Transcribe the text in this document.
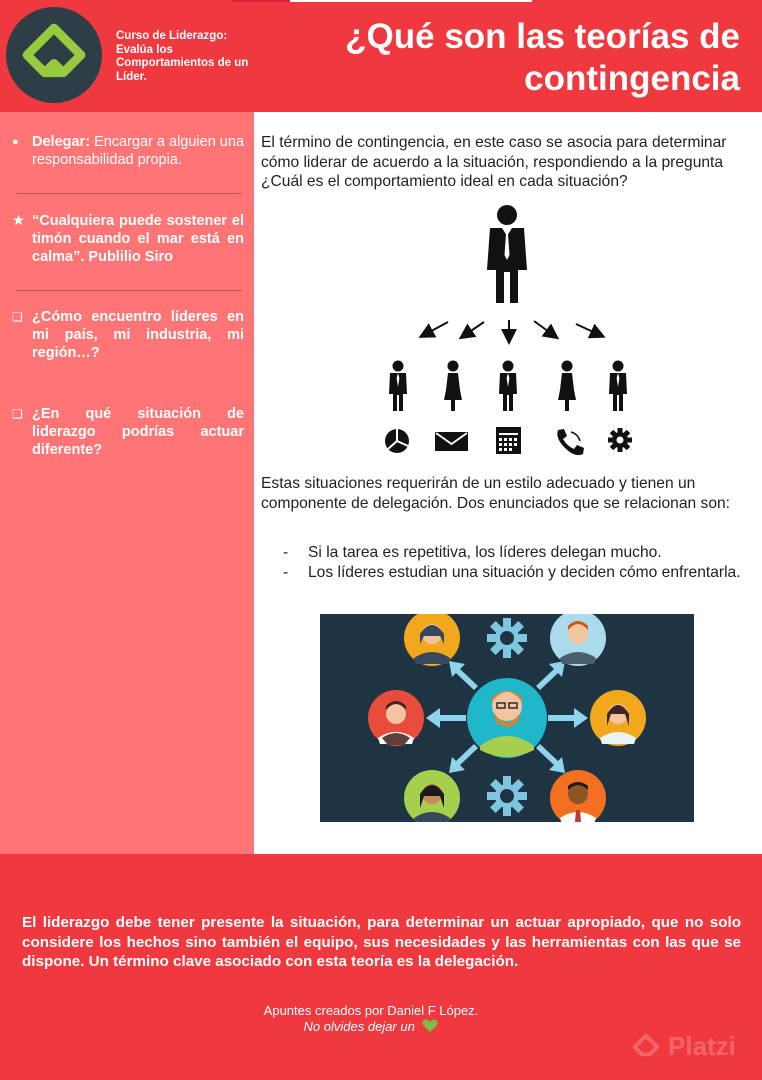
Curso de Liderazgo: Evalúa los Comportamientos de un Líder.
¿Qué son las teorías de contingencia
● Delegar: Encargar a alguien una responsabilidad propia.
★ “Cualquiera puede sostener el timón cuando el mar está en calma”. Publilio Siro
❏ ¿Cómo encuentro líderes en mi país, mi industria, mi región…?
❏ ¿En qué situación de liderazgo podrías actuar diferente?
El término de contingencia, en este caso se asocia para determinar cómo liderar de acuerdo a la situación, respondiendo a la pregunta ¿Cuál es el comportamiento ideal en cada situación?
Estas situaciones requerirán de un estilo adecuado y tienen un componente de delegación. Dos enunciados que se relacionan son:
- Si la tarea es repetitiva, los líderes delegan mucho.
- Los líderes estudian una situación y deciden cómo enfrentarla.
El liderazgo debe tener presente la situación, para determinar un actuar apropiado, que no solo considere los hechos sino también el equipo, sus necesidades y las herramientas con las que se dispone. Un término clave asociado con esta teoría es la delegación.
Apuntes creados por Daniel F López.
No olvides dejar un
Platzi
